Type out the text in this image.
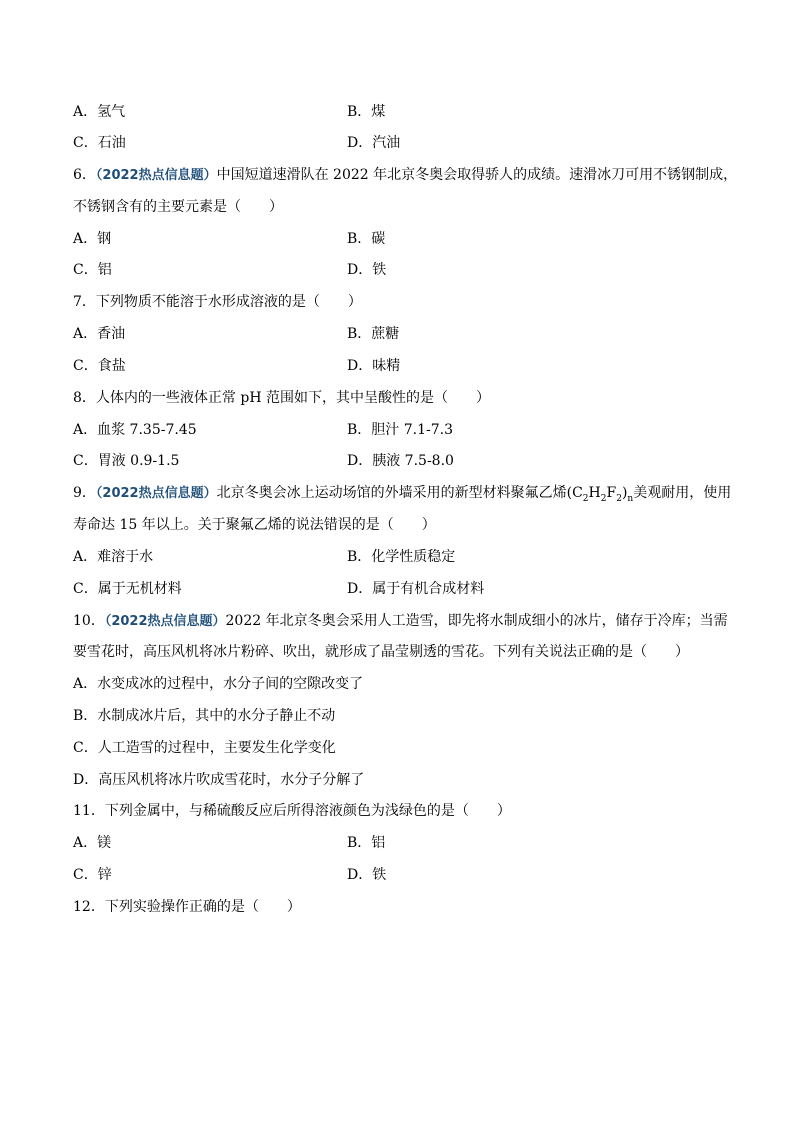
A．氢气	B．煤
C．石油	D．汽油
6．（2022热点信息题）中国短道速滑队在 2022 年北京冬奥会取得骄人的成绩。速滑冰刀可用不锈钢制成，
不锈钢含有的主要元素是（ ）
A．钢	B．碳
C．铝	D．铁
7．下列物质不能溶于水形成溶液的是（ ）
A．香油	B．蔗糖
C．食盐	D．味精
8．人体内的一些液体正常 pH 范围如下，其中呈酸性的是（ ）
A．血浆 7.35-7.45	B．胆汁 7.1-7.3
C．胃液 0.9-1.5	D．胰液 7.5-8.0
9．（2022热点信息题）北京冬奥会冰上运动场馆的外墙采用的新型材料聚氟乙烯$(C_2H_2F_2)_n$美观耐用，使用
寿命达 15 年以上。关于聚氟乙烯的说法错误的是（ ）
A．难溶于水	B．化学性质稳定
C．属于无机材料	D．属于有机合成材料
10．（2022热点信息题）2022 年北京冬奥会采用人工造雪，即先将水制成细小的冰片，储存于冷库；当需
要雪花时，高压风机将冰片粉碎、吹出，就形成了晶莹剔透的雪花。下列有关说法正确的是（ ）
A．水变成冰的过程中，水分子间的空隙改变了
B．水制成冰片后，其中的水分子静止不动
C．人工造雪的过程中，主要发生化学变化
D．高压风机将冰片吹成雪花时，水分子分解了
11．下列金属中，与稀硫酸反应后所得溶液颜色为浅绿色的是（ ）
A．镁	B．铝
C．锌	D．铁
12．下列实验操作正确的是（ ）
